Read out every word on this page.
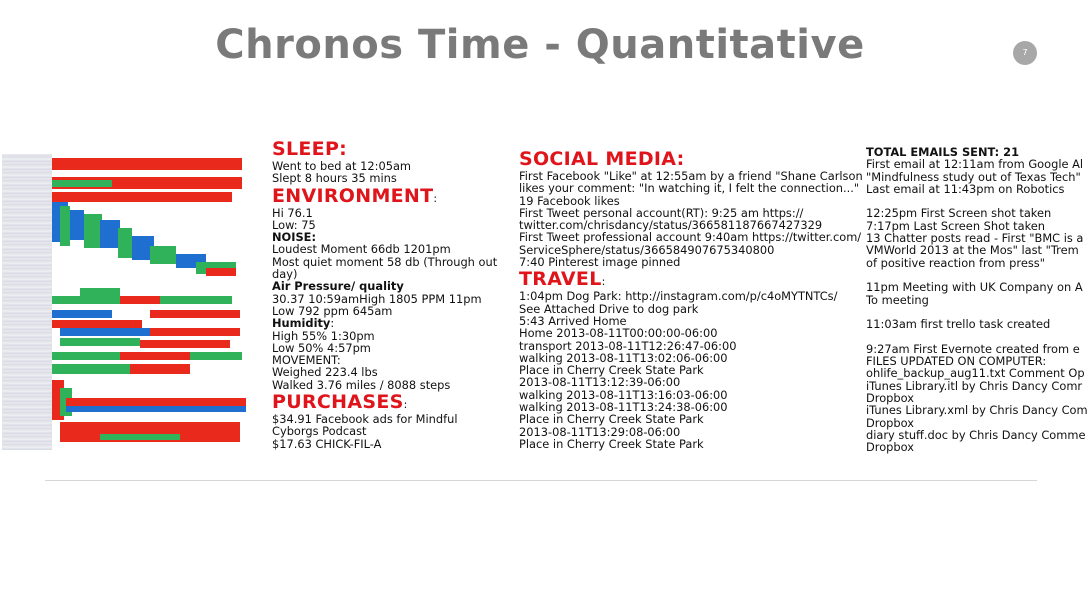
Chronos Time - Quantitative	7
SLEEP:
Went to bed at 12:05am
Slept 8 hours 35 mins
ENVIRONMENT:
Hi 76.1
Low: 75
NOISE:
Loudest Moment 66db 1201pm
Most quiet moment 58 db (Through out
day)
Air Pressure/ quality
30.37 10:59amHigh 1805 PPM 11pm
Low 792 ppm 645am
Humidity:
High 55% 1:30pm
Low 50% 4:57pm
MOVEMENT:
Weighed 223.4 lbs
Walked 3.76 miles / 8088 steps
PURCHASES:
$34.91 Facebook ads for Mindful
Cyborgs Podcast
$17.63 CHICK-FIL-A
SOCIAL MEDIA:
First Facebook "Like" at 12:55am by a friend "Shane Carlson
likes your comment: "In watching it, I felt the connection..."
19 Facebook likes
First Tweet personal account(RT): 9:25 am https://
twitter.com/chrisdancy/status/366581187667427329
First Tweet professional account 9:40am https://twitter.com/
ServiceSphere/status/366584907675340800
7:40 Pinterest image pinned
TRAVEL:
1:04pm Dog Park: http://instagram.com/p/c4oMYTNTCs/
See Attached Drive to dog park
5:43 Arrived Home
Home 2013-08-11T00:00:00-06:00
transport 2013-08-11T12:26:47-06:00
walking 2013-08-11T13:02:06-06:00
Place in Cherry Creek State Park
2013-08-11T13:12:39-06:00
walking 2013-08-11T13:16:03-06:00
walking 2013-08-11T13:24:38-06:00
Place in Cherry Creek State Park
2013-08-11T13:29:08-06:00
Place in Cherry Creek State Park
TOTAL EMAILS SENT: 21
First email at 12:11am from Google Al
"Mindfulness study out of Texas Tech"
Last email at 11:43pm on Robotics
12:25pm First Screen shot taken
7:17pm Last Screen Shot taken
13 Chatter posts read - First "BMC is a
VMWorld 2013 at the Mos" last "Trem
of positive reaction from press"
11pm Meeting with UK Company on A
To meeting
11:03am first trello task created
9:27am First Evernote created from e
FILES UPDATED ON COMPUTER:
ohlife_backup_aug11.txt Comment Op
iTunes Library.itl by Chris Dancy Comr
Dropbox
iTunes Library.xml by Chris Dancy Com
Dropbox
diary stuff.doc by Chris Dancy Comme
Dropbox
